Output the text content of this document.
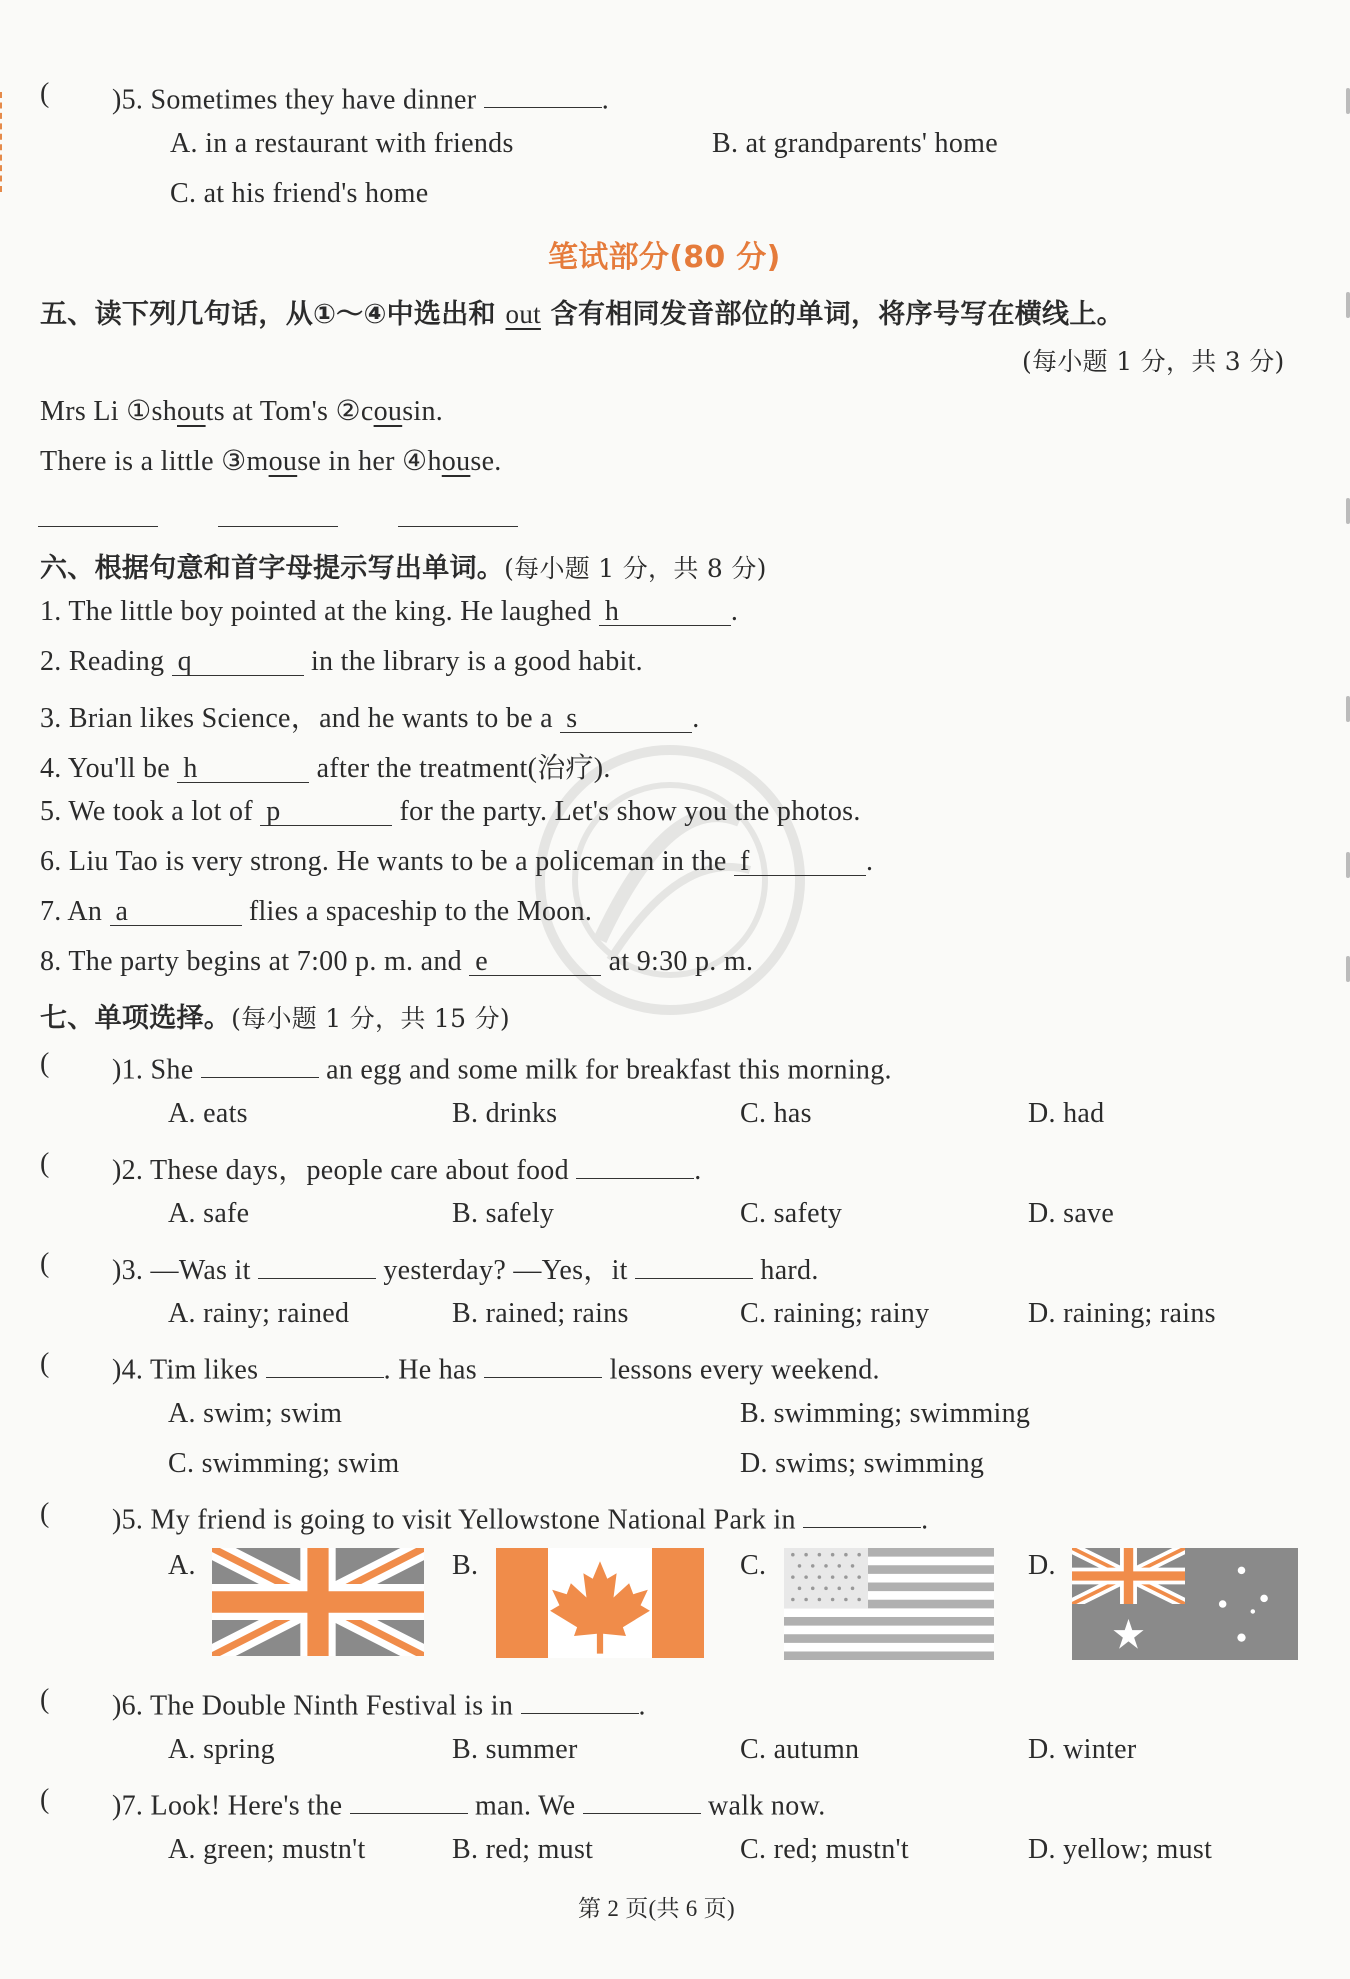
( )5. Sometimes they have dinner	.
A. in a restaurant with friends	B. at grandparents' home
C. at his friend's home
笔试部分(80 分)
五、读下列几句话，从①～④中选出和 out 含有相同发音部位的单词，将序号写在横线上。
(每小题 1 分，共 3 分)
Mrs Li ①shouts at Tom's ②cousin.
There is a little ③mouse in her ④house.
六、根据句意和首字母提示写出单词。(每小题 1 分，共 8 分)
1. The little boy pointed at the king. He laughed h	.
2. Reading q	in the library is a good habit.
3. Brian likes Science，and he wants to be a s	.
4. You'll be h	after the treatment(治疗).
5. We took a lot of p	for the party. Let's show you the photos.
6. Liu Tao is very strong. He wants to be a policeman in the f	.
7. An a	flies a spaceship to the Moon.
8. The party begins at 7:00 p. m. and e	at 9:30 p. m.
七、单项选择。(每小题 1 分，共 15 分)
( )1. She	an egg and some milk for breakfast this morning.
A. eats	B. drinks	C. has	D. had
( )2. These days，people care about food	.
A. safe	B. safely	C. safety	D. save
( )3. —Was it	yesterday? —Yes，it	hard.
A. rainy; rained	B. rained; rains	C. raining; rainy	D. raining; rains
( )4. Tim likes	. He has	lessons every weekend.
A. swim; swim	B. swimming; swimming
C. swimming; swim	D. swims; swimming
( )5. My friend is going to visit Yellowstone National Park in	.
A.	B.	C.	D.
( )6. The Double Ninth Festival is in	.
A. spring	B. summer	C. autumn	D. winter
( )7. Look! Here's the	man. We	walk now.
A. green; mustn't	B. red; must	C. red; mustn't	D. yellow; must
第 2 页(共 6 页)
